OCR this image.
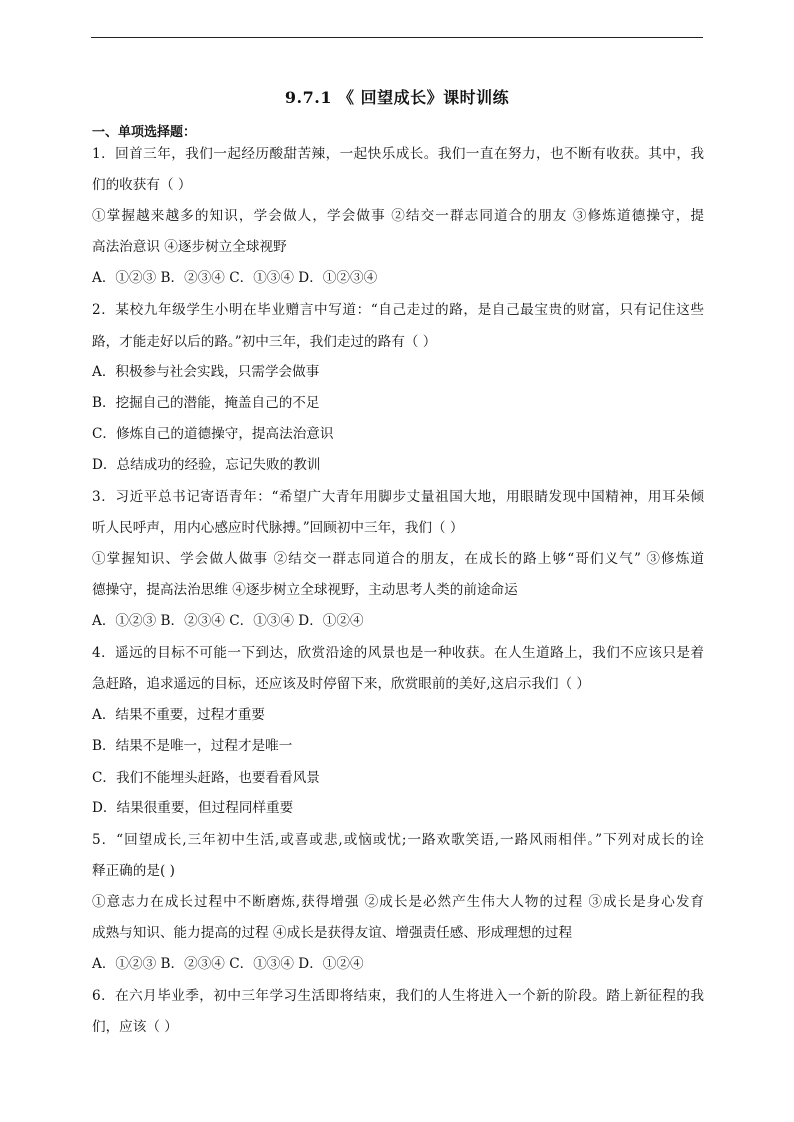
9.7.1 《 回望成长》课时训练
一、单项选择题：
1．回首三年，我们一起经历酸甜苦辣，一起快乐成长。我们一直在努力，也不断有收获。其中，我
们的收获有（ ）
①掌握越来越多的知识，学会做人，学会做事 ②结交一群志同道合的朋友 ③修炼道德操守，提
高法治意识 ④逐步树立全球视野
A．①②③ B．②③④ C．①③④ D．①②③④
2．某校九年级学生小明在毕业赠言中写道：“自己走过的路，是自己最宝贵的财富，只有记住这些
路，才能走好以后的路。”初中三年，我们走过的路有（ ）
A．积极参与社会实践，只需学会做事
B．挖掘自己的潜能，掩盖自己的不足
C．修炼自己的道德操守，提高法治意识
D．总结成功的经验，忘记失败的教训
3．习近平总书记寄语青年：“希望广大青年用脚步丈量祖国大地，用眼睛发现中国精神，用耳朵倾
听人民呼声，用内心感应时代脉搏。”回顾初中三年，我们（ ）
①掌握知识、学会做人做事 ②结交一群志同道合的朋友，在成长的路上够“哥们义气” ③修炼道
德操守，提高法治思维 ④逐步树立全球视野，主动思考人类的前途命运
A．①②③ B．②③④ C．①③④ D．①②④
4．遥远的目标不可能一下到达，欣赏沿途的风景也是一种收获。在人生道路上，我们不应该只是着
急赶路，追求遥远的目标，还应该及时停留下来，欣赏眼前的美好,这启示我们（ ）
A．结果不重要，过程才重要
B．结果不是唯一，过程才是唯一
C．我们不能埋头赶路，也要看看风景
D．结果很重要，但过程同样重要
5．“回望成长,三年初中生活,或喜或悲,或恼或忧;一路欢歌笑语,一路风雨相伴。”下列对成长的诠
释正确的是( )
①意志力在成长过程中不断磨炼,获得增强 ②成长是必然产生伟大人物的过程 ③成长是身心发育
成熟与知识、能力提高的过程 ④成长是获得友谊、增强责任感、形成理想的过程
A．①②③ B．②③④ C．①③④ D．①②④
6．在六月毕业季，初中三年学习生活即将结束，我们的人生将进入一个新的阶段。踏上新征程的我
们，应该（ ）
